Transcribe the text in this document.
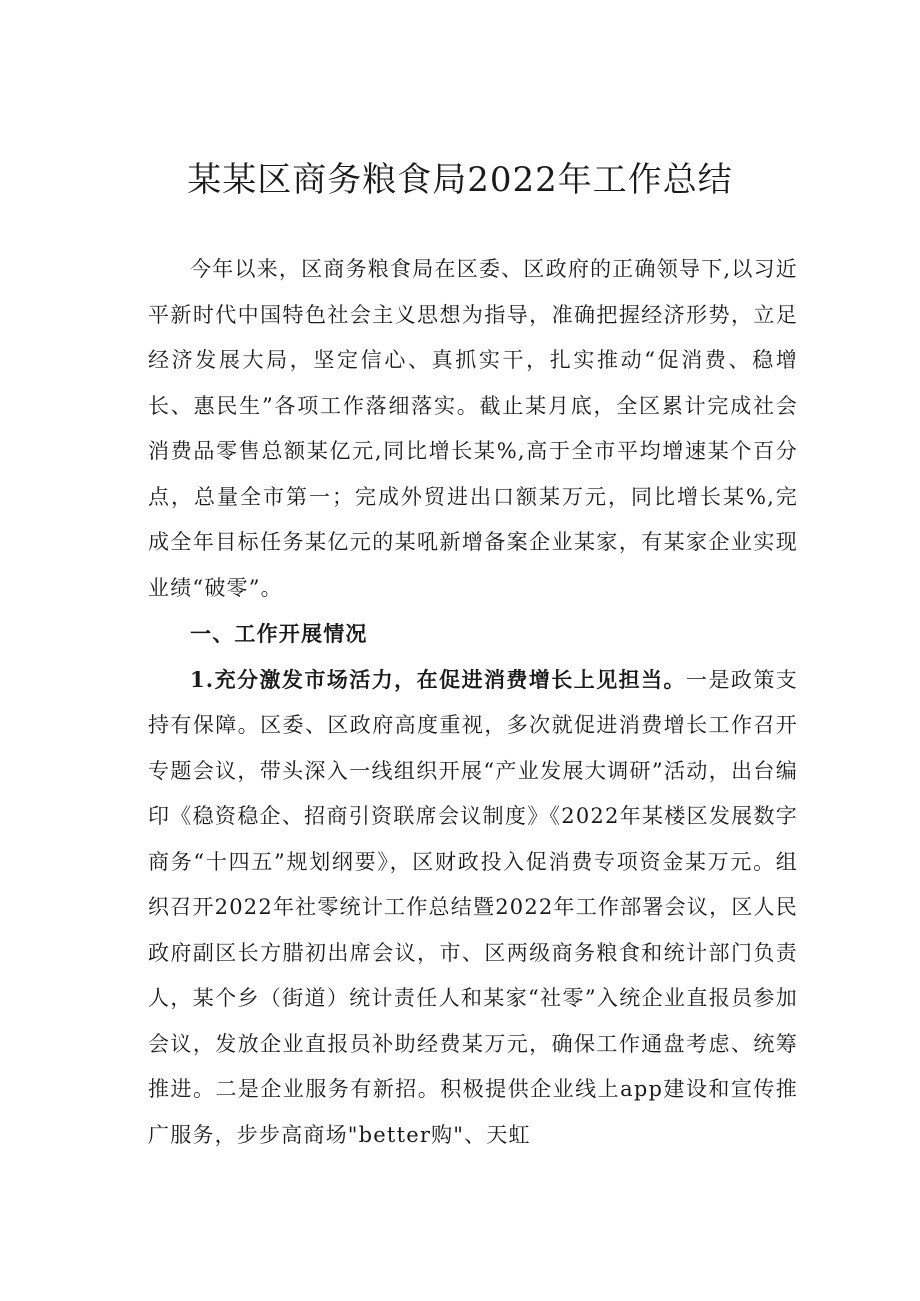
某某区商务粮食局2022年工作总结

今年以来，区商务粮食局在区委、区政府的正确领导下,以习近平新时代中国特色社会主义思想为指导，准确把握经济形势，立足经济发展大局，坚定信心、真抓实干，扎实推动“促消费、稳增长、惠民生”各项工作落细落实。截止某月底，全区累计完成社会消费品零售总额某亿元,同比增长某%,高于全市平均增速某个百分点，总量全市第一；完成外贸进出口额某万元，同比增长某%,完成全年目标任务某亿元的某吼新增备案企业某家，有某家企业实现业绩“破零”。

一、工作开展情况

1.充分激发市场活力，在促进消费增长上见担当。一是政策支持有保障。区委、区政府高度重视，多次就促进消费增长工作召开专题会议，带头深入一线组织开展“产业发展大调研”活动，出台编印《稳资稳企、招商引资联席会议制度》《2022年某楼区发展数字商务“十四五”规划纲要》，区财政投入促消费专项资金某万元。组织召开2022年社零统计工作总结暨2022年工作部署会议，区人民政府副区长方腊初出席会议，市、区两级商务粮食和统计部门负责人，某个乡（街道）统计责任人和某家“社零”入统企业直报员参加会议，发放企业直报员补助经费某万元，确保工作通盘考虑、统筹推进。二是企业服务有新招。积极提供企业线上app建设和宣传推广服务，步步高商场"better购"、天虹
